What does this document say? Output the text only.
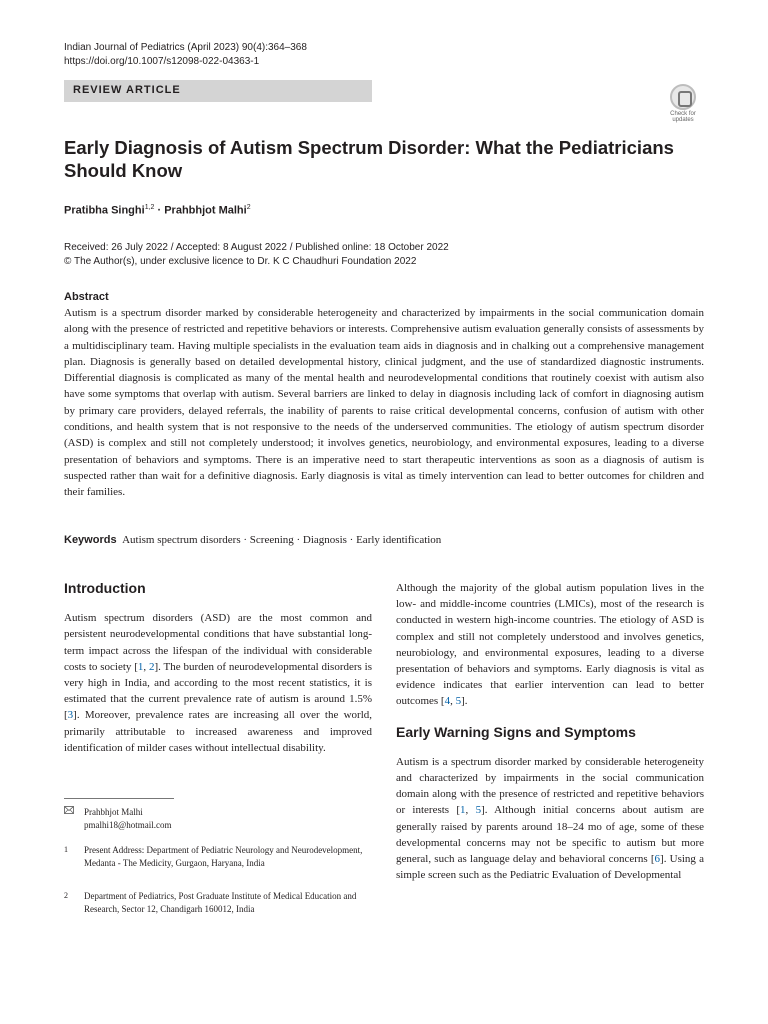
Indian Journal of Pediatrics (April 2023) 90(4):364–368
https://doi.org/10.1007/s12098-022-04363-1
REVIEW ARTICLE
Check for updates
Early Diagnosis of Autism Spectrum Disorder: What the Pediatricians Should Know
Pratibha Singhi$^{1,2}$ · Prahbhjot Malhi$^2$
Received: 26 July 2022 / Accepted: 8 August 2022 / Published online: 18 October 2022
© The Author(s), under exclusive licence to Dr. K C Chaudhuri Foundation 2022
Abstract

Autism is a spectrum disorder marked by considerable heterogeneity and characterized by impairments in the social communication domain along with the presence of restricted and repetitive behaviors or interests. Comprehensive autism evaluation generally consists of assessments by a multidisciplinary team. Having multiple specialists in the evaluation team aids in diagnosis and in chalking out a comprehensive management plan. Diagnosis is generally based on detailed developmental history, clinical judgment, and the use of standardized diagnostic instruments. Differential diagnosis is complicated as many of the mental health and neurodevelopmental conditions that routinely coexist with autism also have some symptoms that overlap with autism. Several barriers are linked to delay in diagnosis including lack of comfort in diagnosing autism by primary care providers, delayed referrals, the inability of parents to raise critical developmental concerns, confusion of autism with other conditions, and health system that is not responsive to the needs of the underserved communities. The etiology of autism spectrum disorder (ASD) is complex and still not completely understood; it involves genetics, neurobiology, and environmental exposures, leading to a diverse presentation of behaviors and symptoms. There is an imperative need to start therapeutic interventions as soon as a diagnosis of autism is suspected rather than wait for a definitive diagnosis. Early diagnosis is vital as timely intervention can lead to better outcomes for children and their families.

Keywords Autism spectrum disorders · Screening · Diagnosis · Early identification
Introduction

Autism spectrum disorders (ASD) are the most common and persistent neurodevelopmental conditions that have substantial long-term impact across the lifespan of the individual with considerable costs to society [1, 2]. The burden of neurodevelopmental disorders is very high in India, and according to the most recent statistics, it is estimated that the current prevalence rate of autism is around 1.5% [3]. Moreover, prevalence rates are increasing all over the world, primarily attributable to increased awareness and improved identification of milder cases without intellectual disability.

Although the majority of the global autism population lives in the low- and middle-income countries (LMICs), most of the research is conducted in western high-income countries. The etiology of ASD is complex and still not completely understood and involves genetics, neurobiology, and environmental exposures, leading to a diverse presentation of behaviors and symptoms. Early diagnosis is vital as evidence indicates that earlier intervention can lead to better outcomes [4, 5].

Early Warning Signs and Symptoms

Autism is a spectrum disorder marked by considerable heterogeneity and characterized by impairments in the social communication domain along with the presence of restricted and repetitive behaviors or interests [1, 5]. Although initial concerns about autism are generally raised by parents around 18–24 mo of age, some of these developmental concerns may not be specific to autism but more general, such as language delay and behavioral concerns [6]. Using a simple screen such as the Pediatric Evaluation of Developmental

Prahbhjot Malhi
pmalhi18@hotmail.com
1 Present Address: Department of Pediatric Neurology and Neurodevelopment, Medanta - The Medicity, Gurgaon, Haryana, India
2 Department of Pediatrics, Post Graduate Institute of Medical Education and Research, Sector 12, Chandigarh 160012, India
